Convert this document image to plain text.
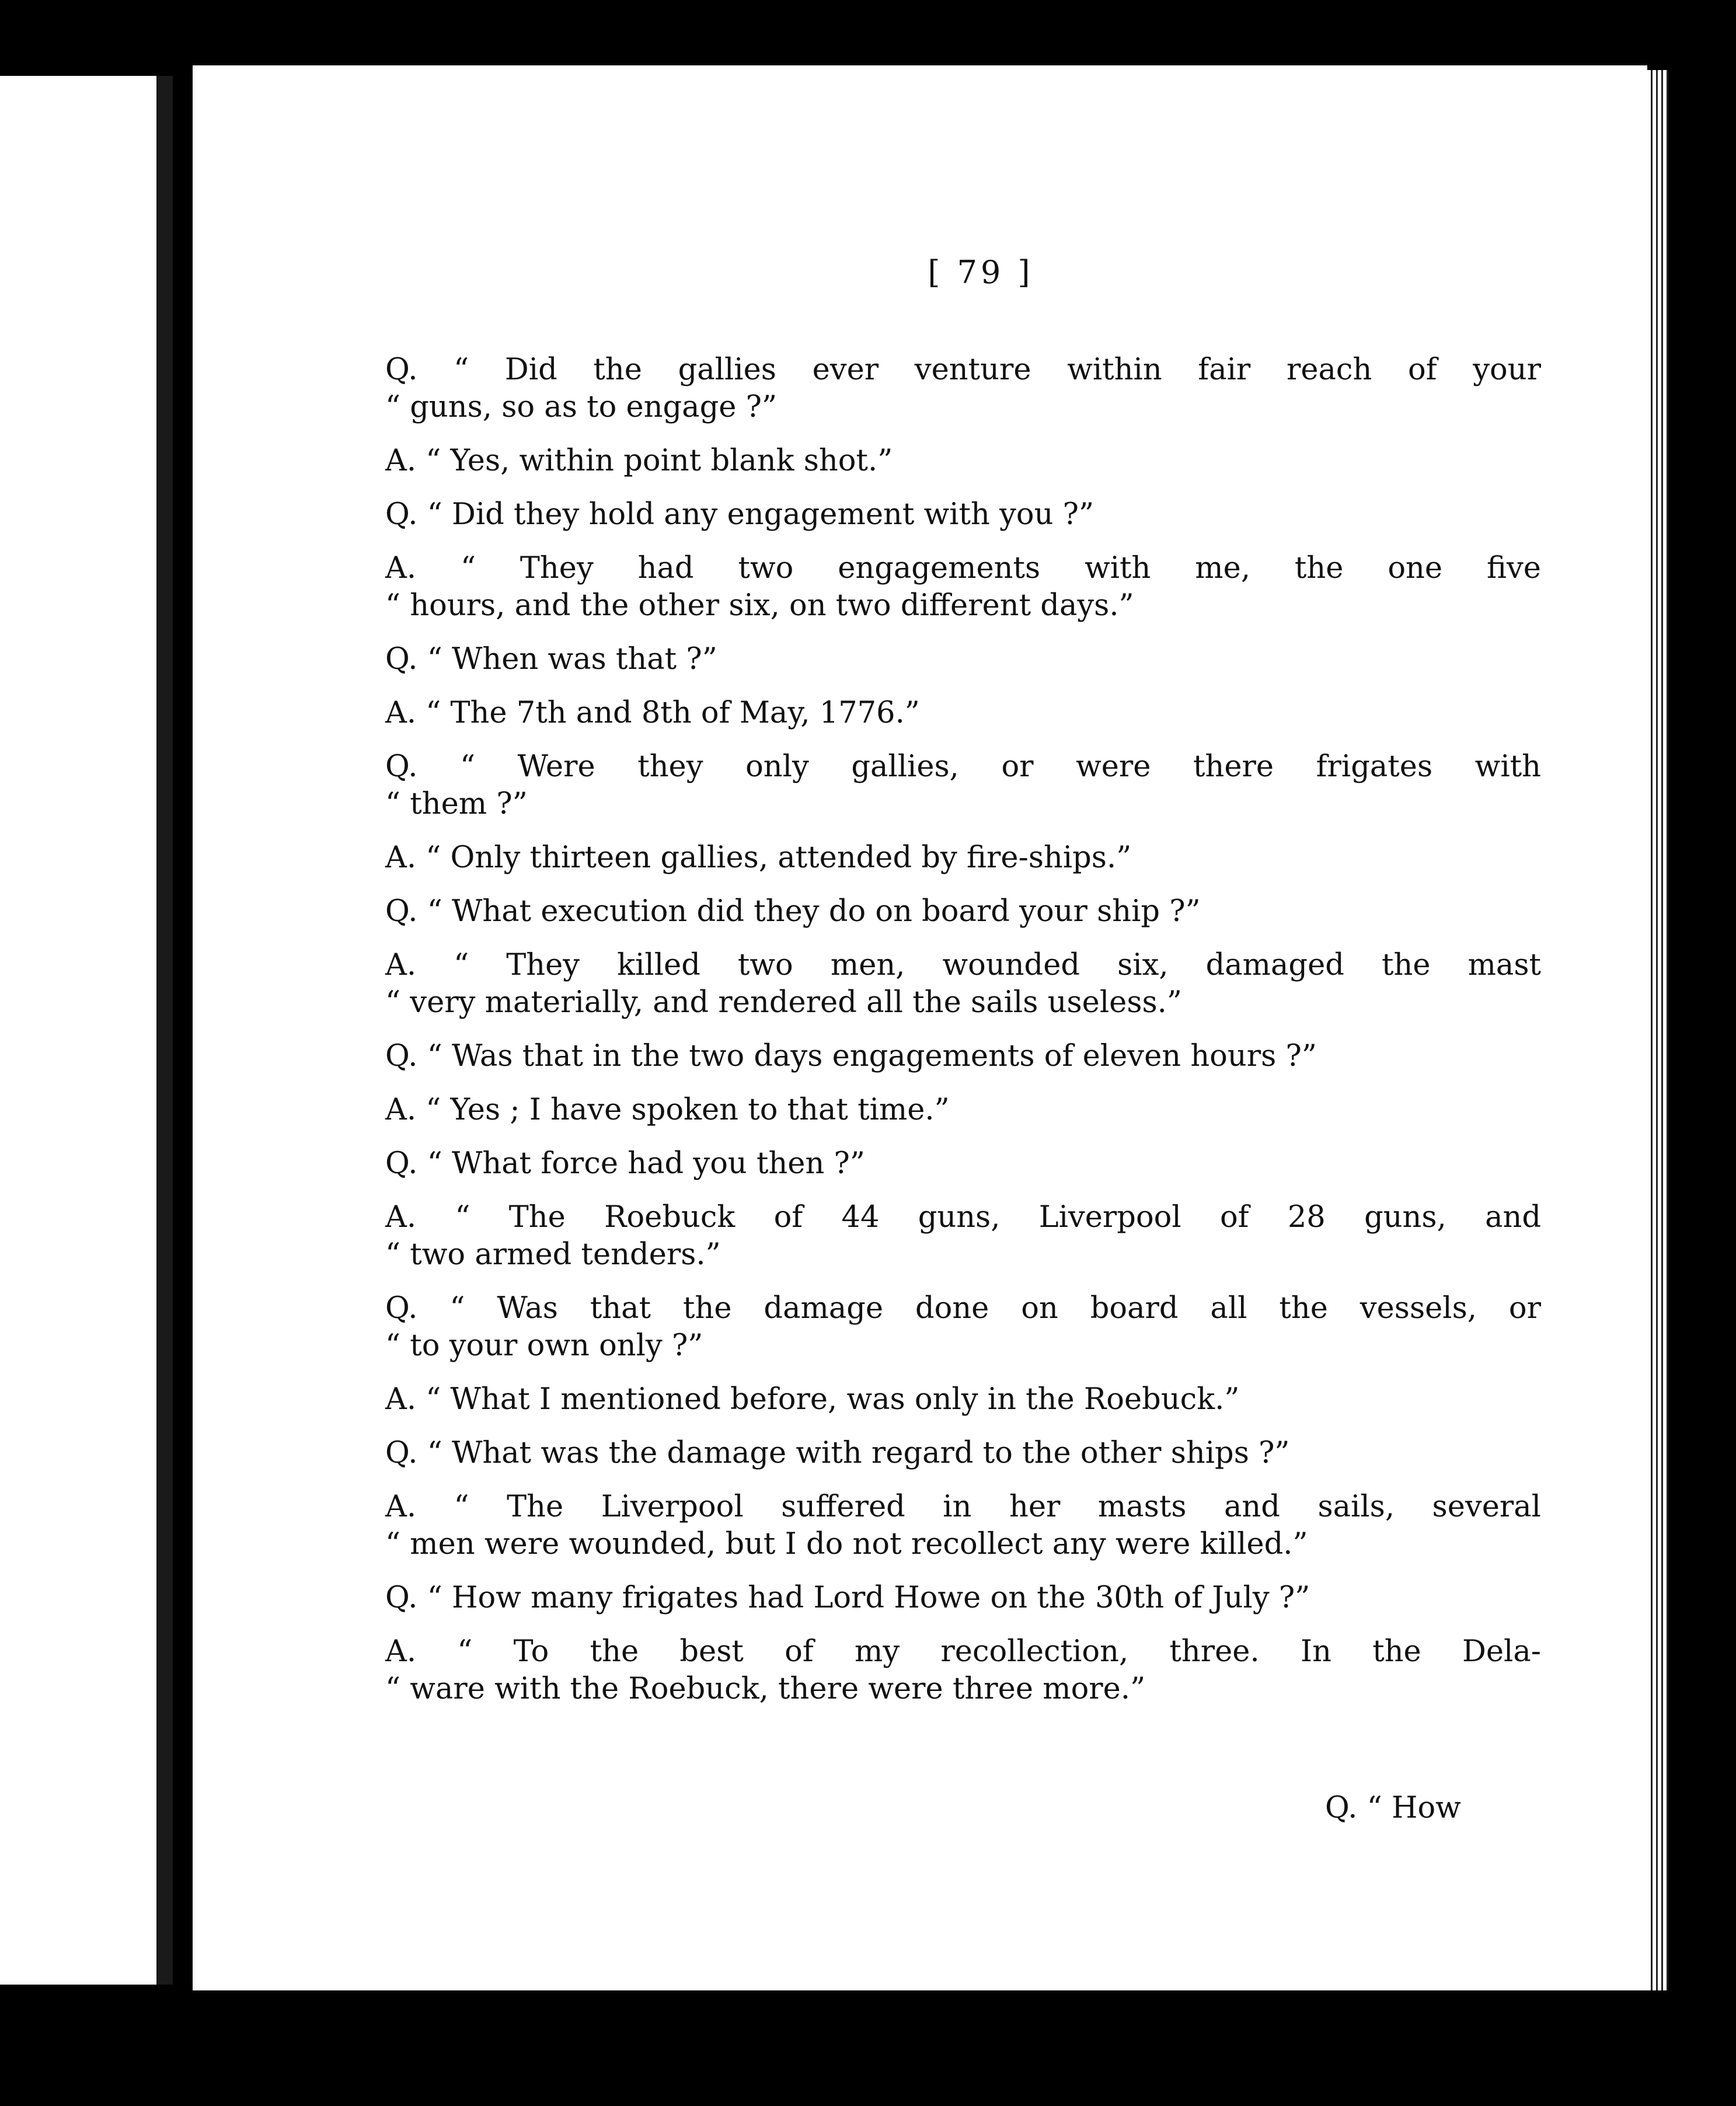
[ 79 ]
Q. “ Did the gallies ever venture within fair reach of your
“ guns, so as to engage ?”
A. “ Yes, within point blank shot.”
Q. “ Did they hold any engagement with you ?”
A. “ They had two engagements with me, the one five
“ hours, and the other six, on two different days.”
Q. “ When was that ?”
A. “ The 7th and 8th of May, 1776.”
Q. “ Were they only gallies, or were there frigates with
“ them ?”
A. “ Only thirteen gallies, attended by fire-ships.”
Q. “ What execution did they do on board your ship ?”
A. “ They killed two men, wounded six, damaged the mast
“ very materially, and rendered all the sails useless.”
Q. “ Was that in the two days engagements of eleven hours ?”
A. “ Yes ; I have spoken to that time.”
Q. “ What force had you then ?”
A. “ The Roebuck of 44 guns, Liverpool of 28 guns, and
“ two armed tenders.”
Q. “ Was that the damage done on board all the vessels, or
“ to your own only ?”
A. “ What I mentioned before, was only in the Roebuck.”
Q. “ What was the damage with regard to the other ships ?”
A. “ The Liverpool suffered in her masts and sails, several
“ men were wounded, but I do not recollect any were killed.”
Q. “ How many frigates had Lord Howe on the 30th of July ?”
A. “ To the best of my recollection, three. In the Dela-
“ ware with the Roebuck, there were three more.”
Q. “ How
